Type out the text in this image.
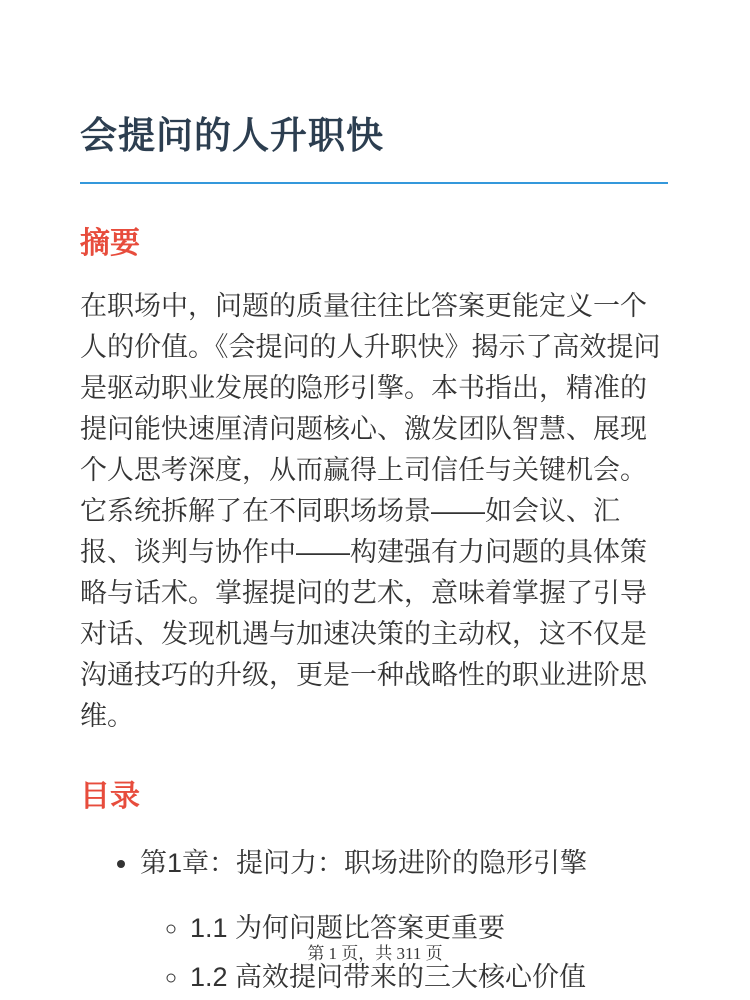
会提问的人升职快
摘要

在职场中，问题的质量往往比答案更能定义一个人的价值。《会提问的人升职快》揭示了高效提问是驱动职业发展的隐形引擎。本书指出，精准的提问能快速厘清问题核心、激发团队智慧、展现个人思考深度，从而赢得上司信任与关键机会。它系统拆解了在不同职场场景——如会议、汇报、谈判与协作中——构建强有力问题的具体策略与话术。掌握提问的艺术，意味着掌握了引导对话、发现机遇与加速决策的主动权，这不仅是沟通技巧的升级，更是一种战略性的职业进阶思维。

目录
• 第1章：提问力：职场进阶的隐形引擎
◦ 1.1 为何问题比答案更重要
◦ 1.2 高效提问带来的三大核心价值
第 1 页，共 311 页
